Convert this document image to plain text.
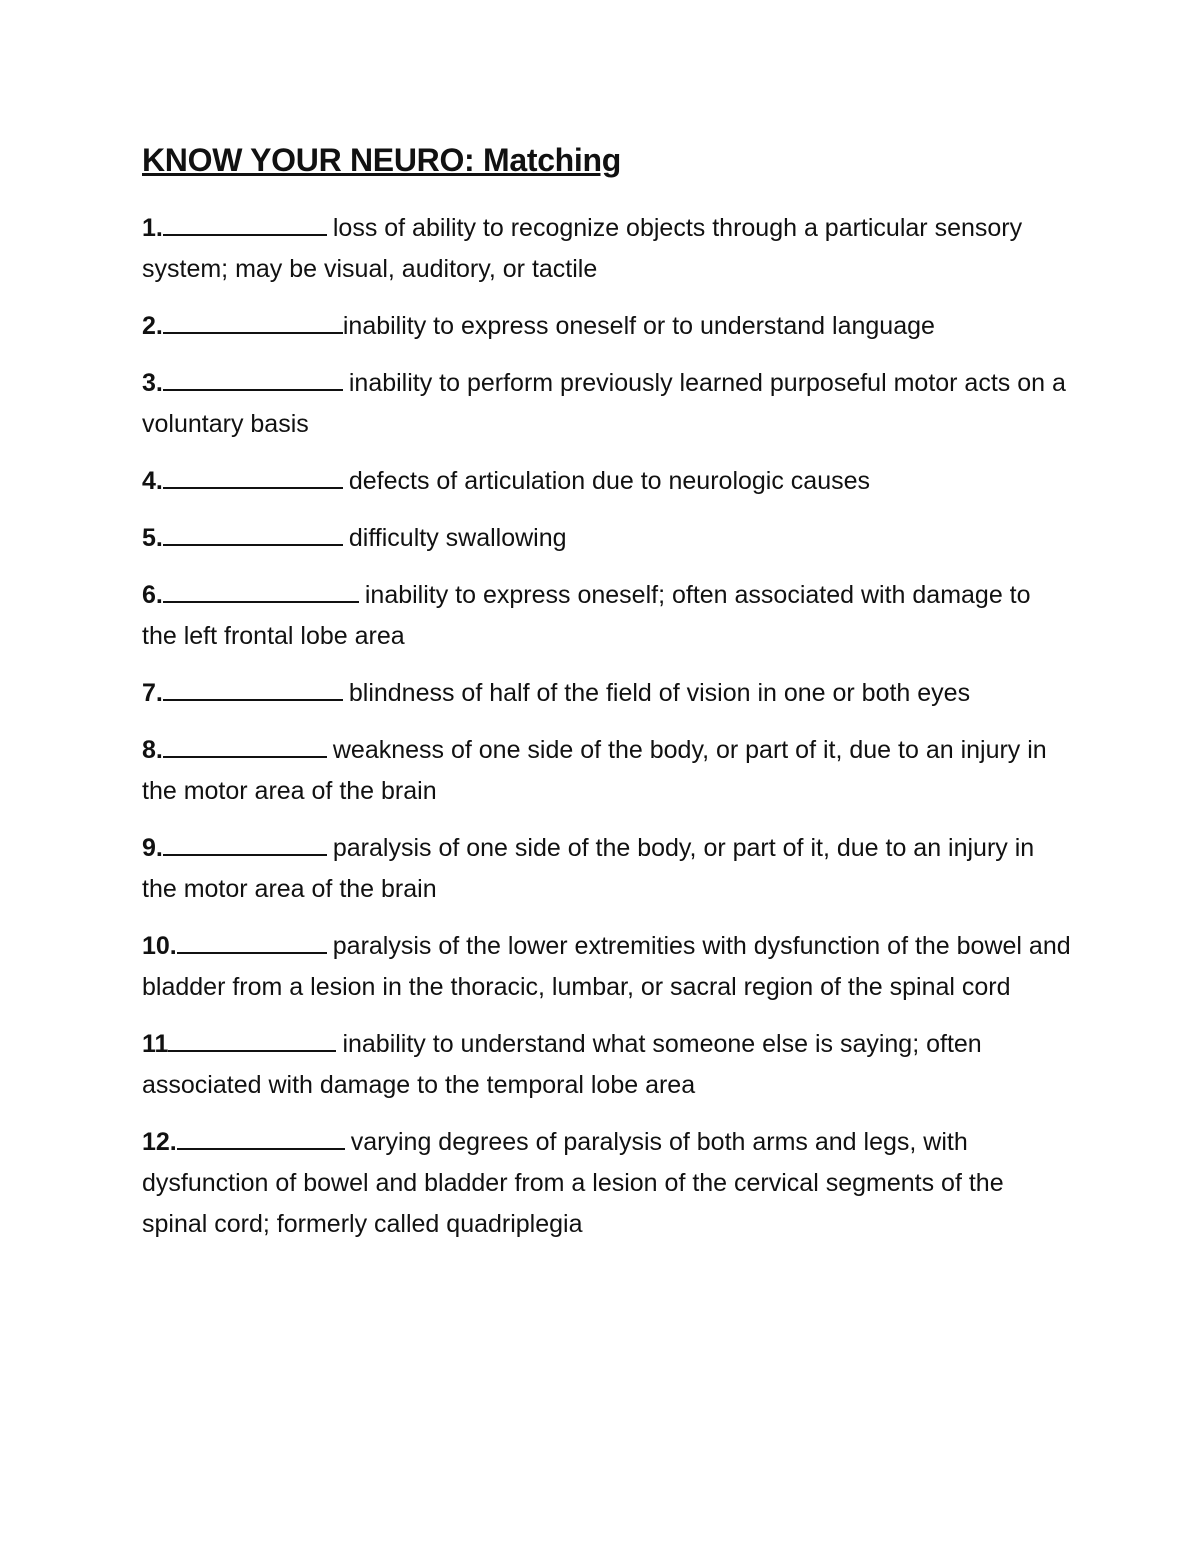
KNOW YOUR NEURO: Matching
1.	loss of ability to recognize objects through a particular sensory system; may be visual, auditory, or tactile
2.	inability to express oneself or to understand language
3.	inability to perform previously learned purposeful motor acts on a voluntary basis
4.	defects of articulation due to neurologic causes
5.	difficulty swallowing
6.	inability to express oneself; often associated with damage to the left frontal lobe area
7.	blindness of half of the field of vision in one or both eyes
8.	weakness of one side of the body, or part of it, due to an injury in the motor area of the brain
9.	paralysis of one side of the body, or part of it, due to an injury in the motor area of the brain
10.	paralysis of the lower extremities with dysfunction of the bowel and bladder from a lesion in the thoracic, lumbar, or sacral region of the spinal cord
11	inability to understand what someone else is saying; often associated with damage to the temporal lobe area
12.	varying degrees of paralysis of both arms and legs, with dysfunction of bowel and bladder from a lesion of the cervical segments of the spinal cord; formerly called quadriplegia
